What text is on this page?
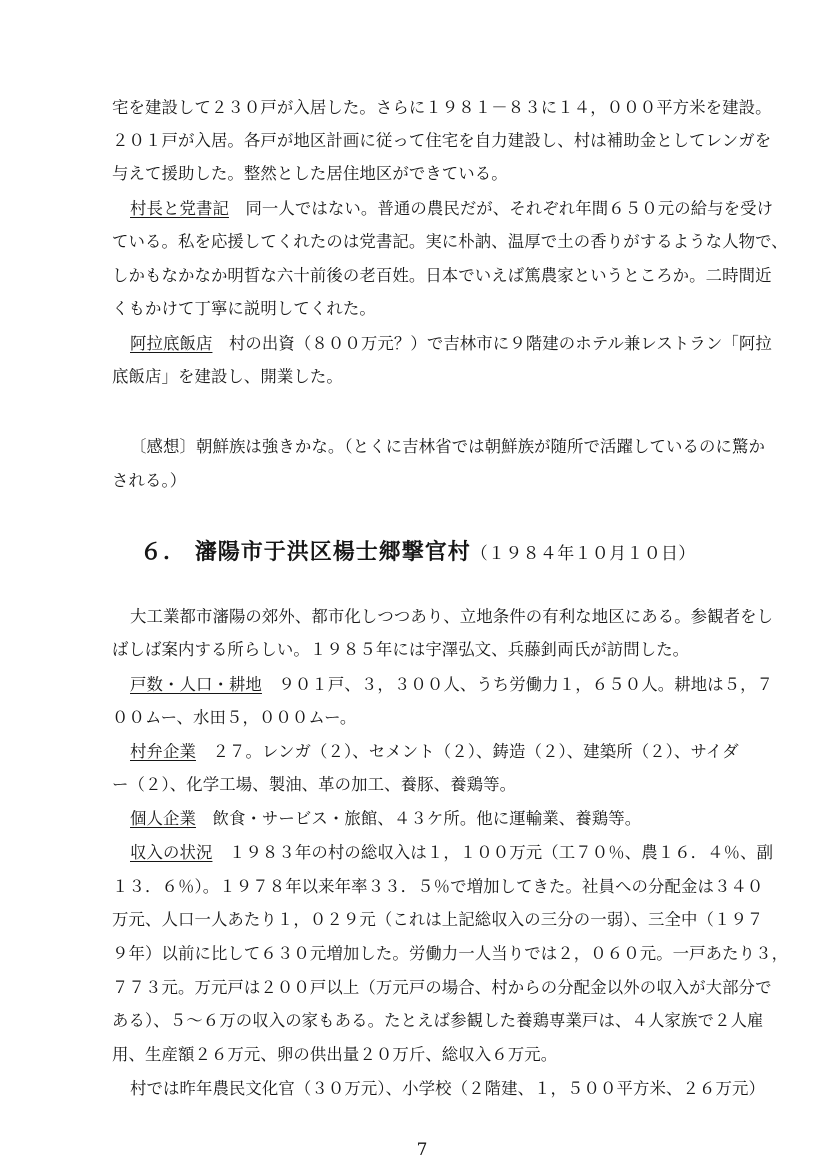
宅を建設して２３０戸が入居した。さらに１９８１－８３に１４，０００平方米を建設。
２０１戸が入居。各戸が地区計画に従って住宅を自力建設し、村は補助金としてレンガを
与えて援助した。整然とした居住地区ができている。
村長と党書記　同一人ではない。普通の農民だが、それぞれ年間６５０元の給与を受け
ている。私を応援してくれたのは党書記。実に朴訥、温厚で土の香りがするような人物で、
しかもなかなか明晢な六十前後の老百姓。日本でいえば篤農家というところか。二時間近
くもかけて丁寧に説明してくれた。
阿拉底飯店　村の出資（８００万元？）で吉林市に９階建のホテル兼レストラン「阿拉
底飯店」を建設し、開業した。
〔感想〕朝鮮族は強きかな。（とくに吉林省では朝鮮族が随所で活躍しているのに驚か
される。）
６． 瀋陽市于洪区楊士郷撃官村（１９８４年１０月１０日）
大工業都市瀋陽の郊外、都市化しつつあり、立地条件の有利な地区にある。参観者をし
ばしば案内する所らしい。１９８５年には宇澤弘文、兵藤釗両氏が訪問した。
戸数・人口・耕地　９０１戸、３，３００人、うち労働力１，６５０人。耕地は５，７
００ムー、水田５，０００ムー。
村弁企業　２７。レンガ（２）、セメント（２）、鋳造（２）、建築所（２）、サイダ
ー（２）、化学工場、製油、革の加工、養豚、養鶏等。
個人企業　飲食・サービス・旅館、４３ケ所。他に運輸業、養鶏等。
収入の状況　１９８３年の村の総収入は１，１００万元（工７０％、農１６．４％、副
１３．６％）。１９７８年以来年率３３．５％で増加してきた。社員への分配金は３４０
万元、人口一人あたり１，０２９元（これは上記総収入の三分の一弱）、三全中（１９７
９年）以前に比して６３０元増加した。労働力一人当りでは２，０６０元。一戸あたり３，
７７３元。万元戸は２００戸以上（万元戸の場合、村からの分配金以外の収入が大部分で
ある）、５～６万の収入の家もある。たとえば参観した養鶏専業戸は、４人家族で２人雇
用、生産額２６万元、卵の供出量２０万斤、総収入６万元。
村では昨年農民文化官（３０万元）、小学校（２階建、１，５００平方米、２６万元）
7
